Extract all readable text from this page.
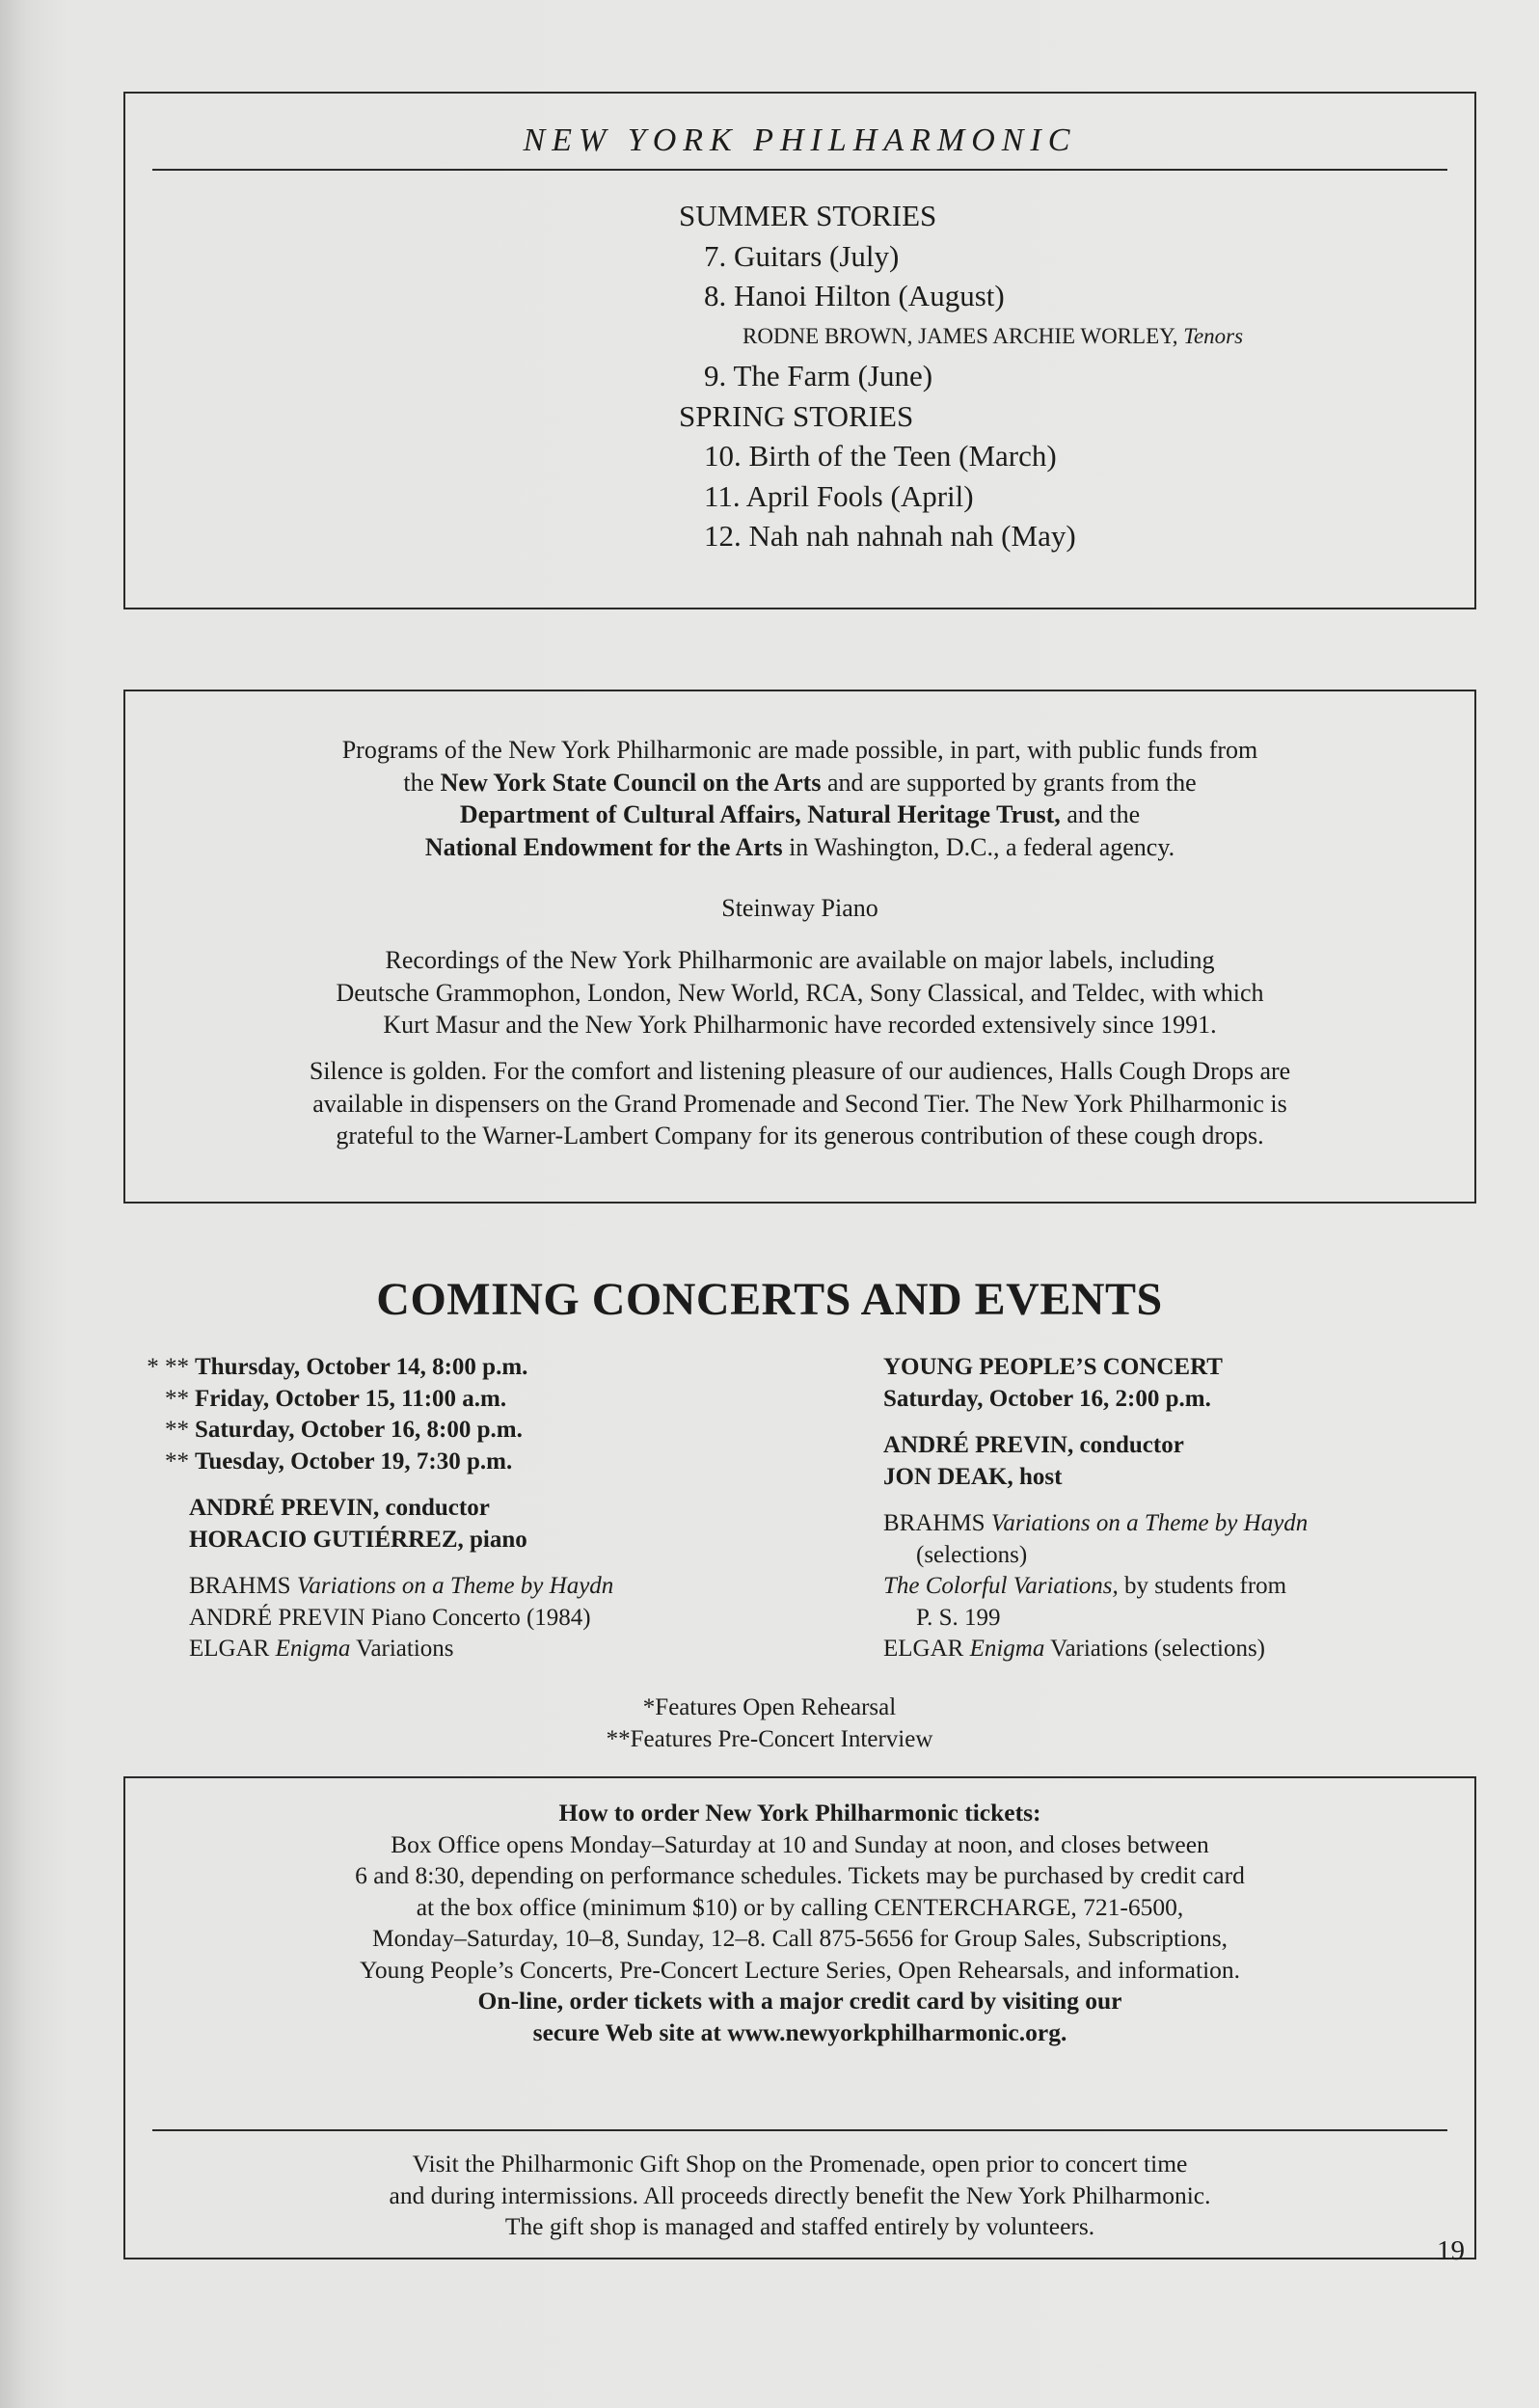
NEW YORK PHILHARMONIC
SUMMER STORIES
7. Guitars (July)
8. Hanoi Hilton (August)
RODNE BROWN, JAMES ARCHIE WORLEY, Tenors
9. The Farm (June)
SPRING STORIES
10. Birth of the Teen (March)
11. April Fools (April)
12. Nah nah nahnah nah (May)
Programs of the New York Philharmonic are made possible, in part, with public funds from
the New York State Council on the Arts and are supported by grants from the
Department of Cultural Affairs, Natural Heritage Trust, and the
National Endowment for the Arts in Washington, D.C., a federal agency.
Steinway Piano
Recordings of the New York Philharmonic are available on major labels, including
Deutsche Grammophon, London, New World, RCA, Sony Classical, and Teldec, with which
Kurt Masur and the New York Philharmonic have recorded extensively since 1991.
Silence is golden. For the comfort and listening pleasure of our audiences, Halls Cough Drops are
available in dispensers on the Grand Promenade and Second Tier. The New York Philharmonic is
grateful to the Warner-Lambert Company for its generous contribution of these cough drops.
COMING CONCERTS AND EVENTS
* ** Thursday, October 14, 8:00 p.m.
** Friday, October 15, 11:00 a.m.
** Saturday, October 16, 8:00 p.m.
** Tuesday, October 19, 7:30 p.m.
ANDRÉ PREVIN, conductor
HORACIO GUTIÉRREZ, piano
BRAHMS Variations on a Theme by Haydn
ANDRÉ PREVIN Piano Concerto (1984)
ELGAR Enigma Variations
YOUNG PEOPLE’S CONCERT
Saturday, October 16, 2:00 p.m.
ANDRÉ PREVIN, conductor
JON DEAK, host
BRAHMS Variations on a Theme by Haydn
(selections)
The Colorful Variations, by students from
P. S. 199
ELGAR Enigma Variations (selections)
*Features Open Rehearsal
**Features Pre-Concert Interview
How to order New York Philharmonic tickets:
Box Office opens Monday–Saturday at 10 and Sunday at noon, and closes between
6 and 8:30, depending on performance schedules. Tickets may be purchased by credit card
at the box office (minimum $10) or by calling CENTERCHARGE, 721-6500,
Monday–Saturday, 10–8, Sunday, 12–8. Call 875-5656 for Group Sales, Subscriptions,
Young People’s Concerts, Pre-Concert Lecture Series, Open Rehearsals, and information.
On-line, order tickets with a major credit card by visiting our
secure Web site at www.newyorkphilharmonic.org.
Visit the Philharmonic Gift Shop on the Promenade, open prior to concert time
and during intermissions. All proceeds directly benefit the New York Philharmonic.
The gift shop is managed and staffed entirely by volunteers.
19
